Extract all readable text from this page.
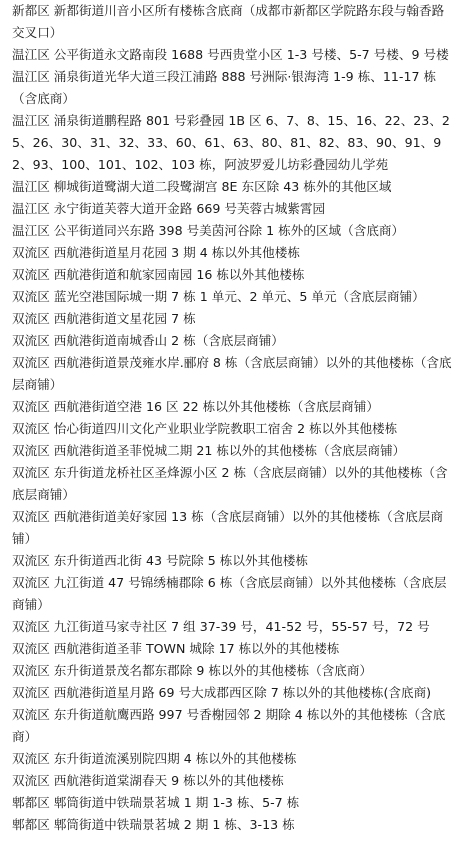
新都区 新都街道川音小区所有楼栋含底商（成都市新都区学院路东段与翰香路交叉口）

温江区 公平街道永文路南段 1688 号西贵堂小区 1-3 号楼、5-7 号楼、9 号楼

温江区 涌泉街道光华大道三段江浦路 888 号洲际·银海湾 1-9 栋、11-17 栋（含底商）

温江区 涌泉街道鹏程路 801 号彩叠园 1B 区 6、7、8、15、16、22、23、25、26、30、31、32、33、60、61、63、80、81、82、83、90、91、92、93、100、101、102、103 栋，阿波罗爱儿坊彩叠园幼儿学苑

温江区 柳城街道鹭湖大道二段鹭湖宫 8E 东区除 43 栋外的其他区域

温江区 永宁街道芙蓉大道开金路 669 号芙蓉古城紫霄园

温江区 公平街道同兴东路 398 号美茵河谷除 1 栋外的区域（含底商）

双流区 西航港街道星月花园 3 期 4 栋以外其他楼栋

双流区 西航港街道和航家园南园 16 栋以外其他楼栋

双流区 蓝光空港国际城一期 7 栋 1 单元、2 单元、5 单元（含底层商铺）

双流区 西航港街道文星花园 7 栋

双流区 西航港街道南城香山 2 栋（含底层商铺）

双流区 西航港街道景茂雍水岸.郦府 8 栋（含底层商铺）以外的其他楼栋（含底层商铺）

双流区 西航港街道空港 16 区 22 栋以外其他楼栋（含底层商铺）

双流区 怡心街道四川文化产业职业学院教职工宿舍 2 栋以外其他楼栋

双流区 西航港街道圣菲悦城二期 21 栋以外的其他楼栋（含底层商铺）

双流区 东升街道龙桥社区圣烽源小区 2 栋（含底层商铺）以外的其他楼栋（含底层商铺）

双流区 西航港街道美好家园 13 栋（含底层商铺）以外的其他楼栋（含底层商铺）

双流区 东升街道西北街 43 号院除 5 栋以外其他楼栋

双流区 九江街道 47 号锦绣楠郡除 6 栋（含底层商铺）以外其他楼栋（含底层商铺）

双流区 九江街道马家寺社区 7 组 37-39 号，41-52 号，55-57 号，72 号

双流区 西航港街道圣菲 TOWN 城除 17 栋以外的其他楼栋

双流区 东升街道景茂名都东郡除 9 栋以外的其他楼栋（含底商）

双流区 西航港街道星月路 69 号大成郡西区除 7 栋以外的其他楼栋(含底商)

双流区 东升街道航鹰西路 997 号香榭园邻 2 期除 4 栋以外的其他楼栋（含底商）

双流区 东升街道流溪别院四期 4 栋以外的其他楼栋

双流区 西航港街道棠湖春天 9 栋以外的其他楼栋

郫都区 郫筒街道中铁瑞景茗城 1 期 1-3 栋、5-7 栋

郫都区 郫筒街道中铁瑞景茗城 2 期 1 栋、3-13 栋
